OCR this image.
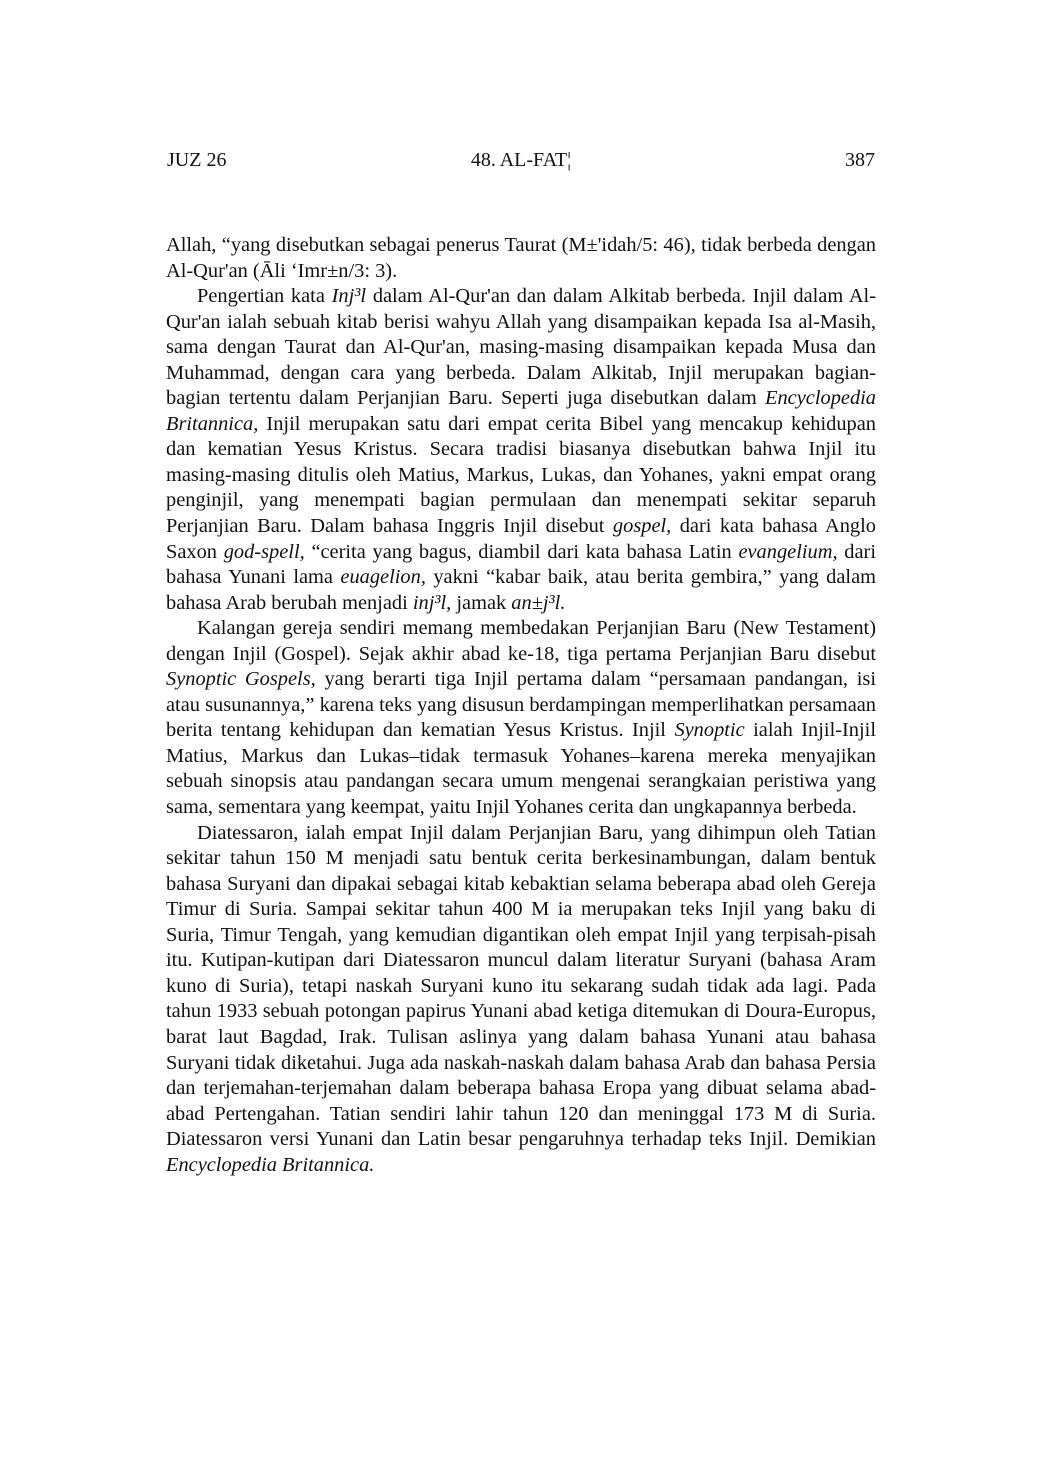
JUZ 26	48. AL-FAT¦	387

Allah, “yang disebutkan sebagai penerus Taurat (M±'idah/5: 46), tidak berbeda dengan Al-Qur'an (Āli ‘Imr±n/3: 3).

Pengertian kata Inj³l dalam Al-Qur'an dan dalam Alkitab berbeda. Injil dalam Al-Qur'an ialah sebuah kitab berisi wahyu Allah yang disampaikan kepada Isa al-Masih, sama dengan Taurat dan Al-Qur'an, masing-masing disampaikan kepada Musa dan Muhammad, dengan cara yang berbeda. Dalam Alkitab, Injil merupakan bagian-bagian tertentu dalam Perjanjian Baru. Seperti juga disebutkan dalam Encyclopedia Britannica, Injil merupakan satu dari empat cerita Bibel yang mencakup kehidupan dan kematian Yesus Kristus. Secara tradisi biasanya disebutkan bahwa Injil itu masing-masing ditulis oleh Matius, Markus, Lukas, dan Yohanes, yakni empat orang penginjil, yang menempati bagian permulaan dan menempati sekitar separuh Perjanjian Baru. Dalam bahasa Inggris Injil disebut gospel, dari kata bahasa Anglo Saxon god-spell, “cerita yang bagus, diambil dari kata bahasa Latin evangelium, dari bahasa Yunani lama euagelion, yakni “kabar baik, atau berita gembira,” yang dalam bahasa Arab berubah menjadi inj³l, jamak an±j³l.

Kalangan gereja sendiri memang membedakan Perjanjian Baru (New Testament) dengan Injil (Gospel). Sejak akhir abad ke-18, tiga pertama Perjanjian Baru disebut Synoptic Gospels, yang berarti tiga Injil pertama dalam “persamaan pandangan, isi atau susunannya,” karena teks yang disusun berdampingan memperlihatkan persamaan berita tentang kehidupan dan kematian Yesus Kristus. Injil Synoptic ialah Injil-Injil Matius, Markus dan Lukas–tidak termasuk Yohanes–karena mereka menyajikan sebuah sinopsis atau pandangan secara umum mengenai serangkaian peristiwa yang sama, sementara yang keempat, yaitu Injil Yohanes cerita dan ungkapannya berbeda.

Diatessaron, ialah empat Injil dalam Perjanjian Baru, yang dihimpun oleh Tatian sekitar tahun 150 M menjadi satu bentuk cerita berkesinambungan, dalam bentuk bahasa Suryani dan dipakai sebagai kitab kebaktian selama beberapa abad oleh Gereja Timur di Suria. Sampai sekitar tahun 400 M ia merupakan teks Injil yang baku di Suria, Timur Tengah, yang kemudian digantikan oleh empat Injil yang terpisah-pisah itu. Kutipan-kutipan dari Diatessaron muncul dalam literatur Suryani (bahasa Aram kuno di Suria), tetapi naskah Suryani kuno itu sekarang sudah tidak ada lagi. Pada tahun 1933 sebuah potongan papirus Yunani abad ketiga ditemukan di Doura-Europus, barat laut Bagdad, Irak. Tulisan aslinya yang dalam bahasa Yunani atau bahasa Suryani tidak diketahui. Juga ada naskah-naskah dalam bahasa Arab dan bahasa Persia dan terjemahan-terjemahan dalam beberapa bahasa Eropa yang dibuat selama abad-abad Pertengahan. Tatian sendiri lahir tahun 120 dan meninggal 173 M di Suria. Diatessaron versi Yunani dan Latin besar pengaruhnya terhadap teks Injil. Demikian Encyclopedia Britannica.
